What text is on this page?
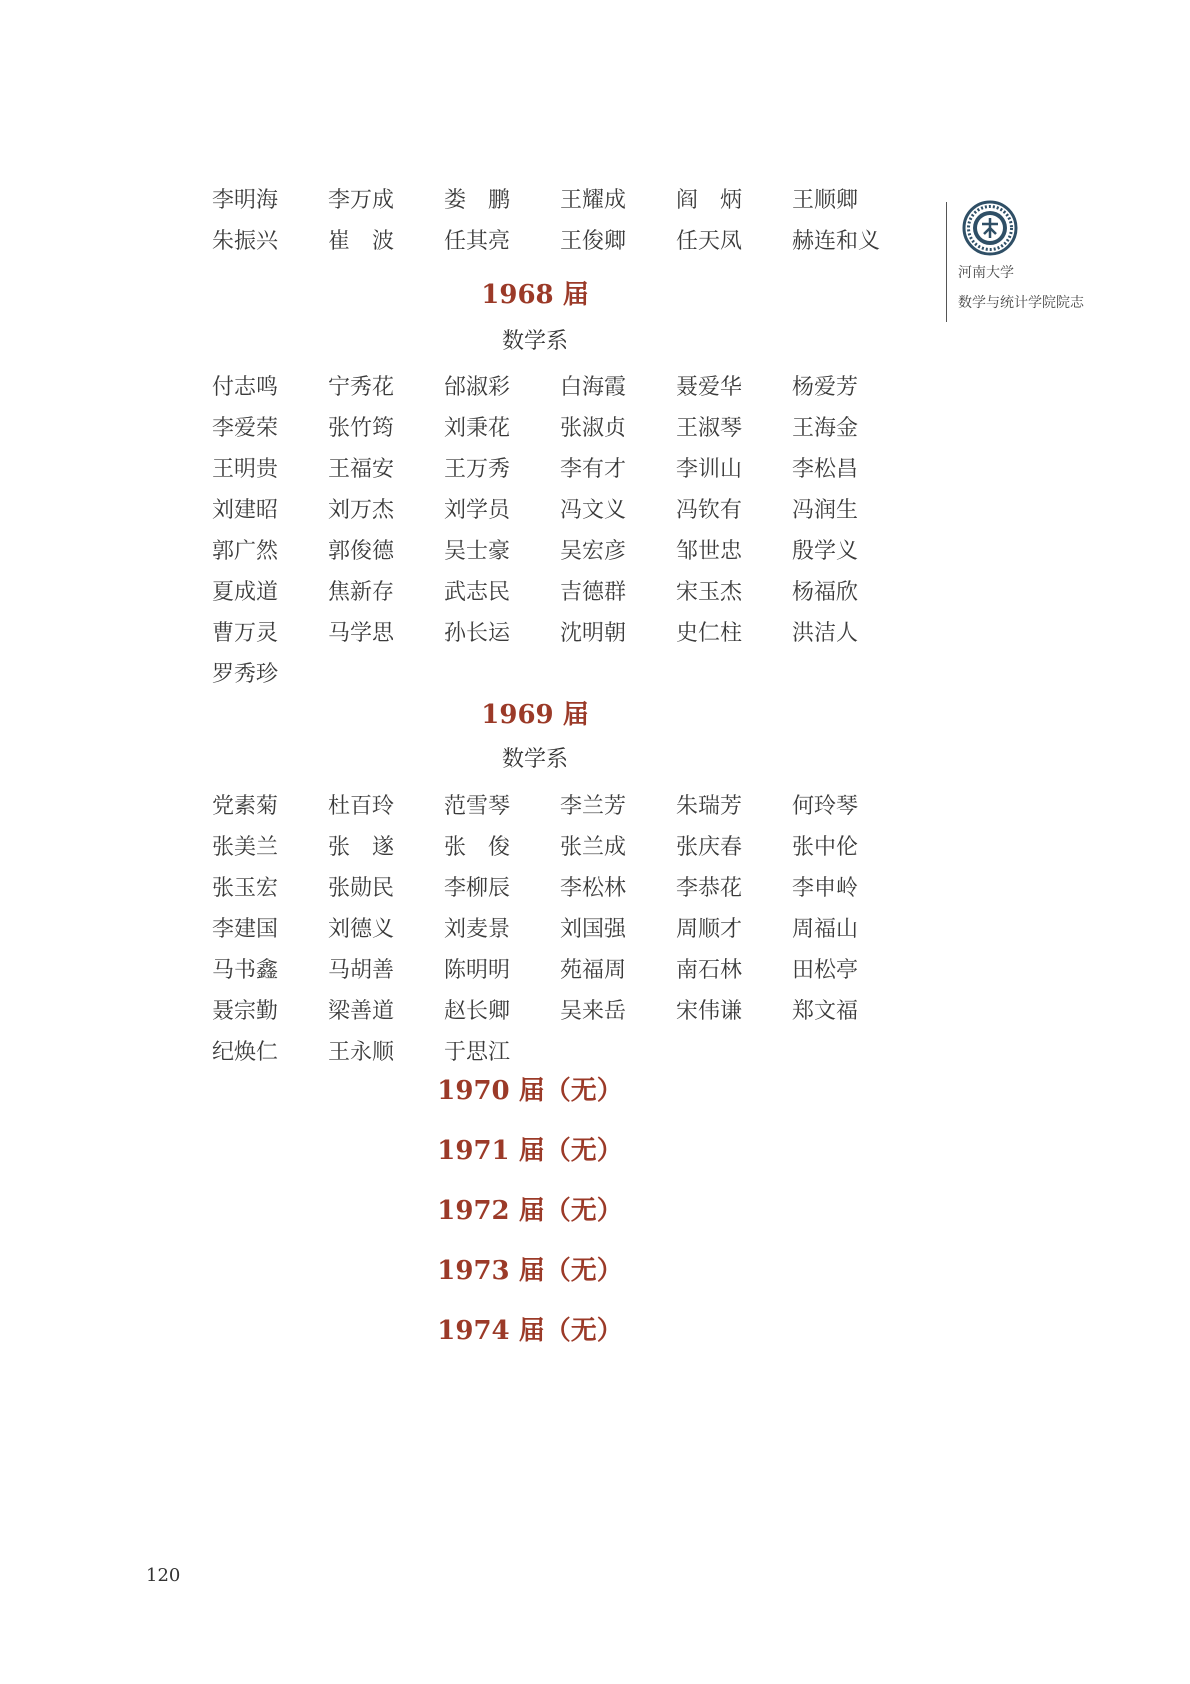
河南大学
数学与统计学院院志
李明海	李万成	娄　鹏	王耀成	阎　炳	王顺卿
朱振兴	崔　波	任其亮	王俊卿	任天凤	赫连和义
1968 届
数学系
付志鸣	宁秀花	邰淑彩	白海霞	聂爱华	杨爱芳
李爱荣	张竹筠	刘秉花	张淑贞	王淑琴	王海金
王明贵	王福安	王万秀	李有才	李训山	李松昌
刘建昭	刘万杰	刘学员	冯文义	冯钦有	冯润生
郭广然	郭俊德	吴士豪	吴宏彦	邹世忠	殷学义
夏成道	焦新存	武志民	吉德群	宋玉杰	杨福欣
曹万灵	马学思	孙长运	沈明朝	史仁柱	洪洁人
罗秀珍
1969 届
数学系
党素菊	杜百玲	范雪琴	李兰芳	朱瑞芳	何玲琴
张美兰	张　遂	张　俊	张兰成	张庆春	张中伦
张玉宏	张勋民	李柳辰	李松林	李恭花	李申岭
李建国	刘德义	刘麦景	刘国强	周顺才	周福山
马书鑫	马胡善	陈明明	苑福周	南石林	田松亭
聂宗勤	梁善道	赵长卿	吴来岳	宋伟谦	郑文福
纪焕仁	王永顺	于思江
1970 届（无）
1971 届（无）
1972 届（无）
1973 届（无）
1974 届（无）
120
